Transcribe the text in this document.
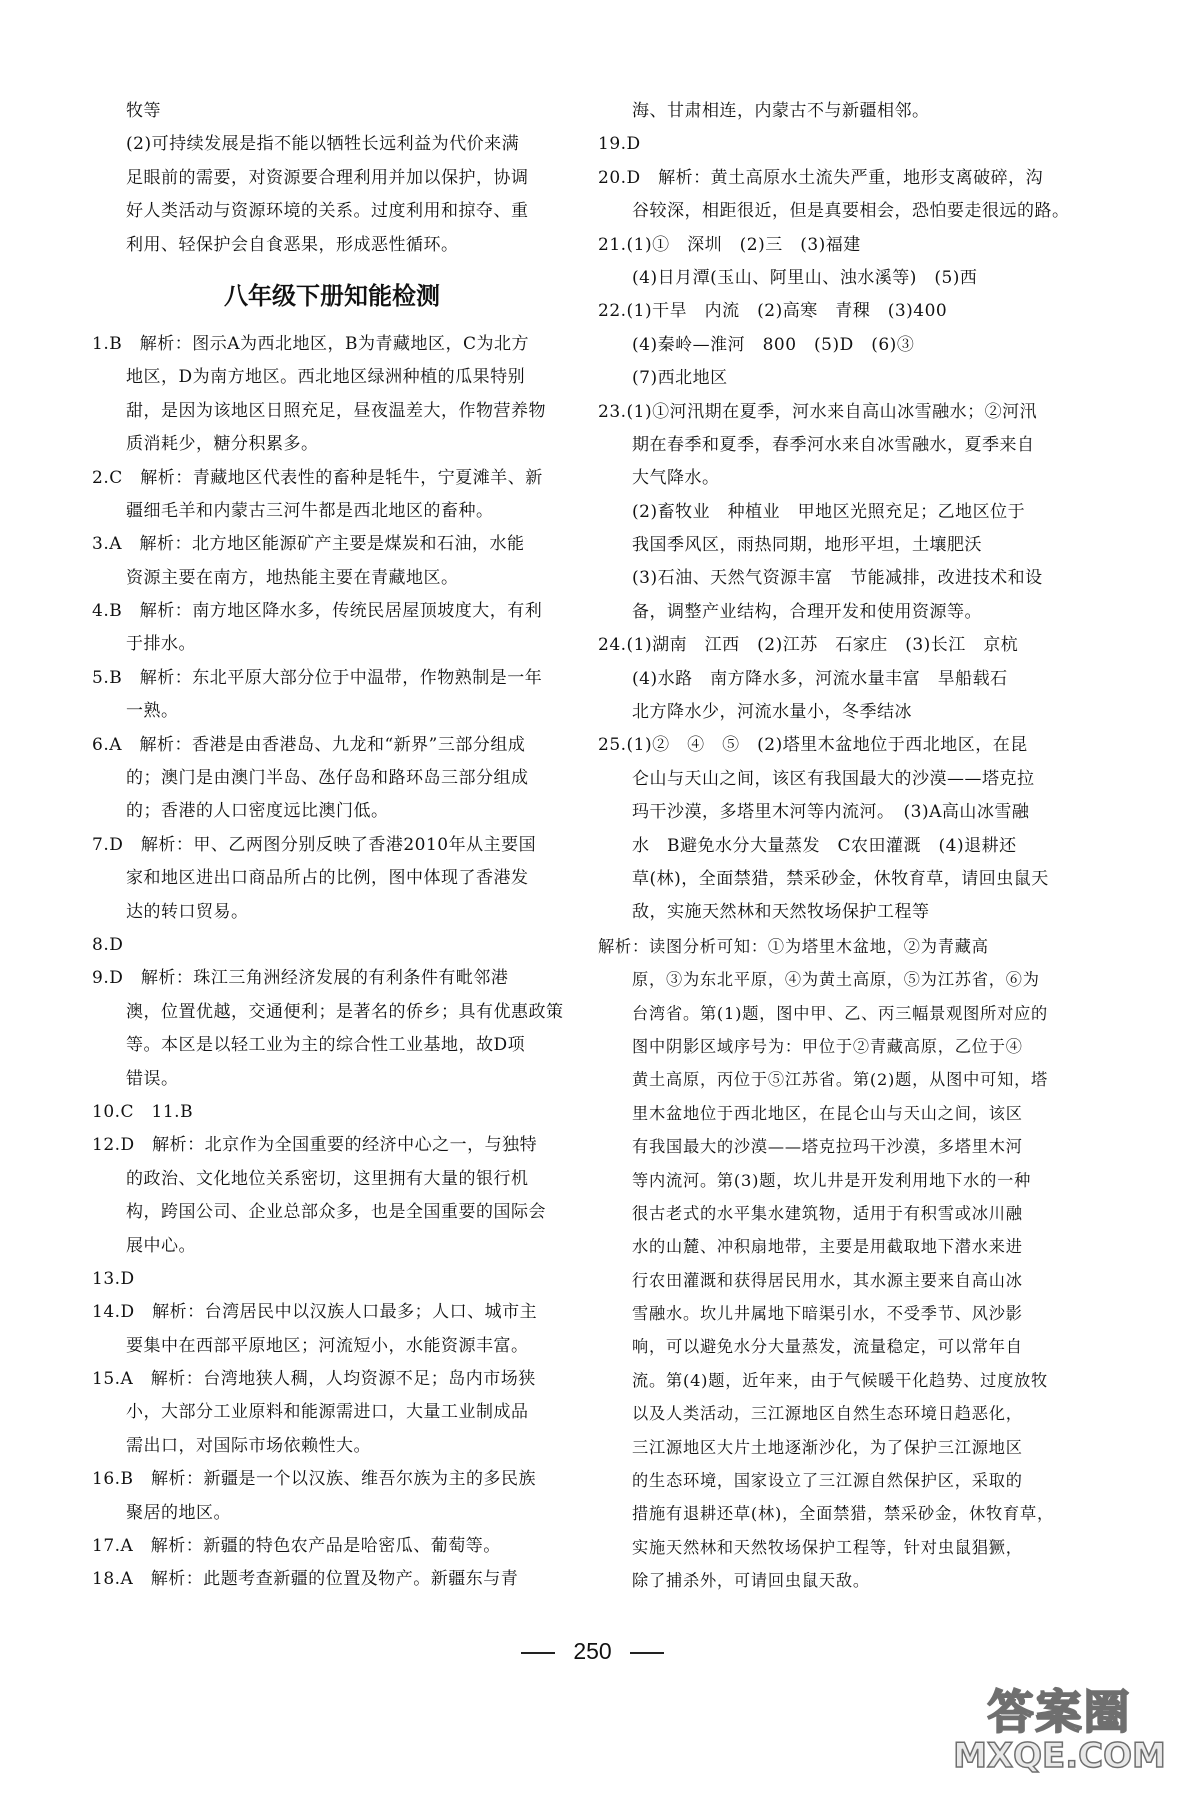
牧等
(2)可持续发展是指不能以牺牲长远利益为代价来满
足眼前的需要，对资源要合理利用并加以保护，协调
好人类活动与资源环境的关系。过度利用和掠夺、重
利用、轻保护会自食恶果，形成恶性循环。
八年级下册知能检测
1.B　解析：图示A为西北地区，B为青藏地区，C为北方
地区，D为南方地区。西北地区绿洲种植的瓜果特别
甜，是因为该地区日照充足，昼夜温差大，作物营养物
质消耗少，糖分积累多。
2.C　解析：青藏地区代表性的畜种是牦牛，宁夏滩羊、新
疆细毛羊和内蒙古三河牛都是西北地区的畜种。
3.A　解析：北方地区能源矿产主要是煤炭和石油，水能
资源主要在南方，地热能主要在青藏地区。
4.B　解析：南方地区降水多，传统民居屋顶坡度大，有利
于排水。
5.B　解析：东北平原大部分位于中温带，作物熟制是一年
一熟。
6.A　解析：香港是由香港岛、九龙和“新界”三部分组成
的；澳门是由澳门半岛、氹仔岛和路环岛三部分组成
的；香港的人口密度远比澳门低。
7.D　解析：甲、乙两图分别反映了香港2010年从主要国
家和地区进出口商品所占的比例，图中体现了香港发
达的转口贸易。
8.D
9.D　解析：珠江三角洲经济发展的有利条件有毗邻港
澳，位置优越，交通便利；是著名的侨乡；具有优惠政策
等。本区是以轻工业为主的综合性工业基地，故D项
错误。
10.C　11.B
12.D　解析：北京作为全国重要的经济中心之一，与独特
的政治、文化地位关系密切，这里拥有大量的银行机
构，跨国公司、企业总部众多，也是全国重要的国际会
展中心。
13.D
14.D　解析：台湾居民中以汉族人口最多；人口、城市主
要集中在西部平原地区；河流短小，水能资源丰富。
15.A　解析：台湾地狭人稠，人均资源不足；岛内市场狭
小，大部分工业原料和能源需进口，大量工业制成品
需出口，对国际市场依赖性大。
16.B　解析：新疆是一个以汉族、维吾尔族为主的多民族
聚居的地区。
17.A　解析：新疆的特色农产品是哈密瓜、葡萄等。
18.A　解析：此题考查新疆的位置及物产。新疆东与青
海、甘肃相连，内蒙古不与新疆相邻。
19.D
20.D　解析：黄土高原水土流失严重，地形支离破碎，沟
谷较深，相距很近，但是真要相会，恐怕要走很远的路。
21.(1)①　深圳　(2)三　(3)福建
(4)日月潭(玉山、阿里山、浊水溪等)　(5)西
22.(1)干旱　内流　(2)高寒　青稞　(3)400
(4)秦岭—淮河　800　(5)D　(6)③
(7)西北地区
23.(1)①河汛期在夏季，河水来自高山冰雪融水；②河汛
期在春季和夏季，春季河水来自冰雪融水，夏季来自
大气降水。
(2)畜牧业　种植业　甲地区光照充足；乙地区位于
我国季风区，雨热同期，地形平坦，土壤肥沃
(3)石油、天然气资源丰富　节能减排，改进技术和设
备，调整产业结构，合理开发和使用资源等。
24.(1)湖南　江西　(2)江苏　石家庄　(3)长江　京杭
(4)水路　南方降水多，河流水量丰富　旱船载石
北方降水少，河流水量小，冬季结冰
25.(1)②　④　⑤　(2)塔里木盆地位于西北地区，在昆
仑山与天山之间，该区有我国最大的沙漠——塔克拉
玛干沙漠，多塔里木河等内流河。　(3)A高山冰雪融
水　B避免水分大量蒸发　C农田灌溉　(4)退耕还
草(林)，全面禁猎，禁采砂金，休牧育草，请回虫鼠天
敌，实施天然林和天然牧场保护工程等
解析：读图分析可知：①为塔里木盆地，②为青藏高
原，③为东北平原，④为黄土高原，⑤为江苏省，⑥为
台湾省。第(1)题，图中甲、乙、丙三幅景观图所对应的
图中阴影区域序号为：甲位于②青藏高原，乙位于④
黄土高原，丙位于⑤江苏省。第(2)题，从图中可知，塔
里木盆地位于西北地区，在昆仑山与天山之间，该区
有我国最大的沙漠——塔克拉玛干沙漠，多塔里木河
等内流河。第(3)题，坎儿井是开发利用地下水的一种
很古老式的水平集水建筑物，适用于有积雪或冰川融
水的山麓、冲积扇地带，主要是用截取地下潜水来进
行农田灌溉和获得居民用水，其水源主要来自高山冰
雪融水。坎儿井属地下暗渠引水，不受季节、风沙影
响，可以避免水分大量蒸发，流量稳定，可以常年自
流。第(4)题，近年来，由于气候暖干化趋势、过度放牧
以及人类活动，三江源地区自然生态环境日趋恶化，
三江源地区大片土地逐渐沙化，为了保护三江源地区
的生态环境，国家设立了三江源自然保护区，采取的
措施有退耕还草(林)，全面禁猎，禁采砂金，休牧育草，
实施天然林和天然牧场保护工程等，针对虫鼠猖獗，
除了捕杀外，可请回虫鼠天敌。
250
答案圈
MXQE.COM
